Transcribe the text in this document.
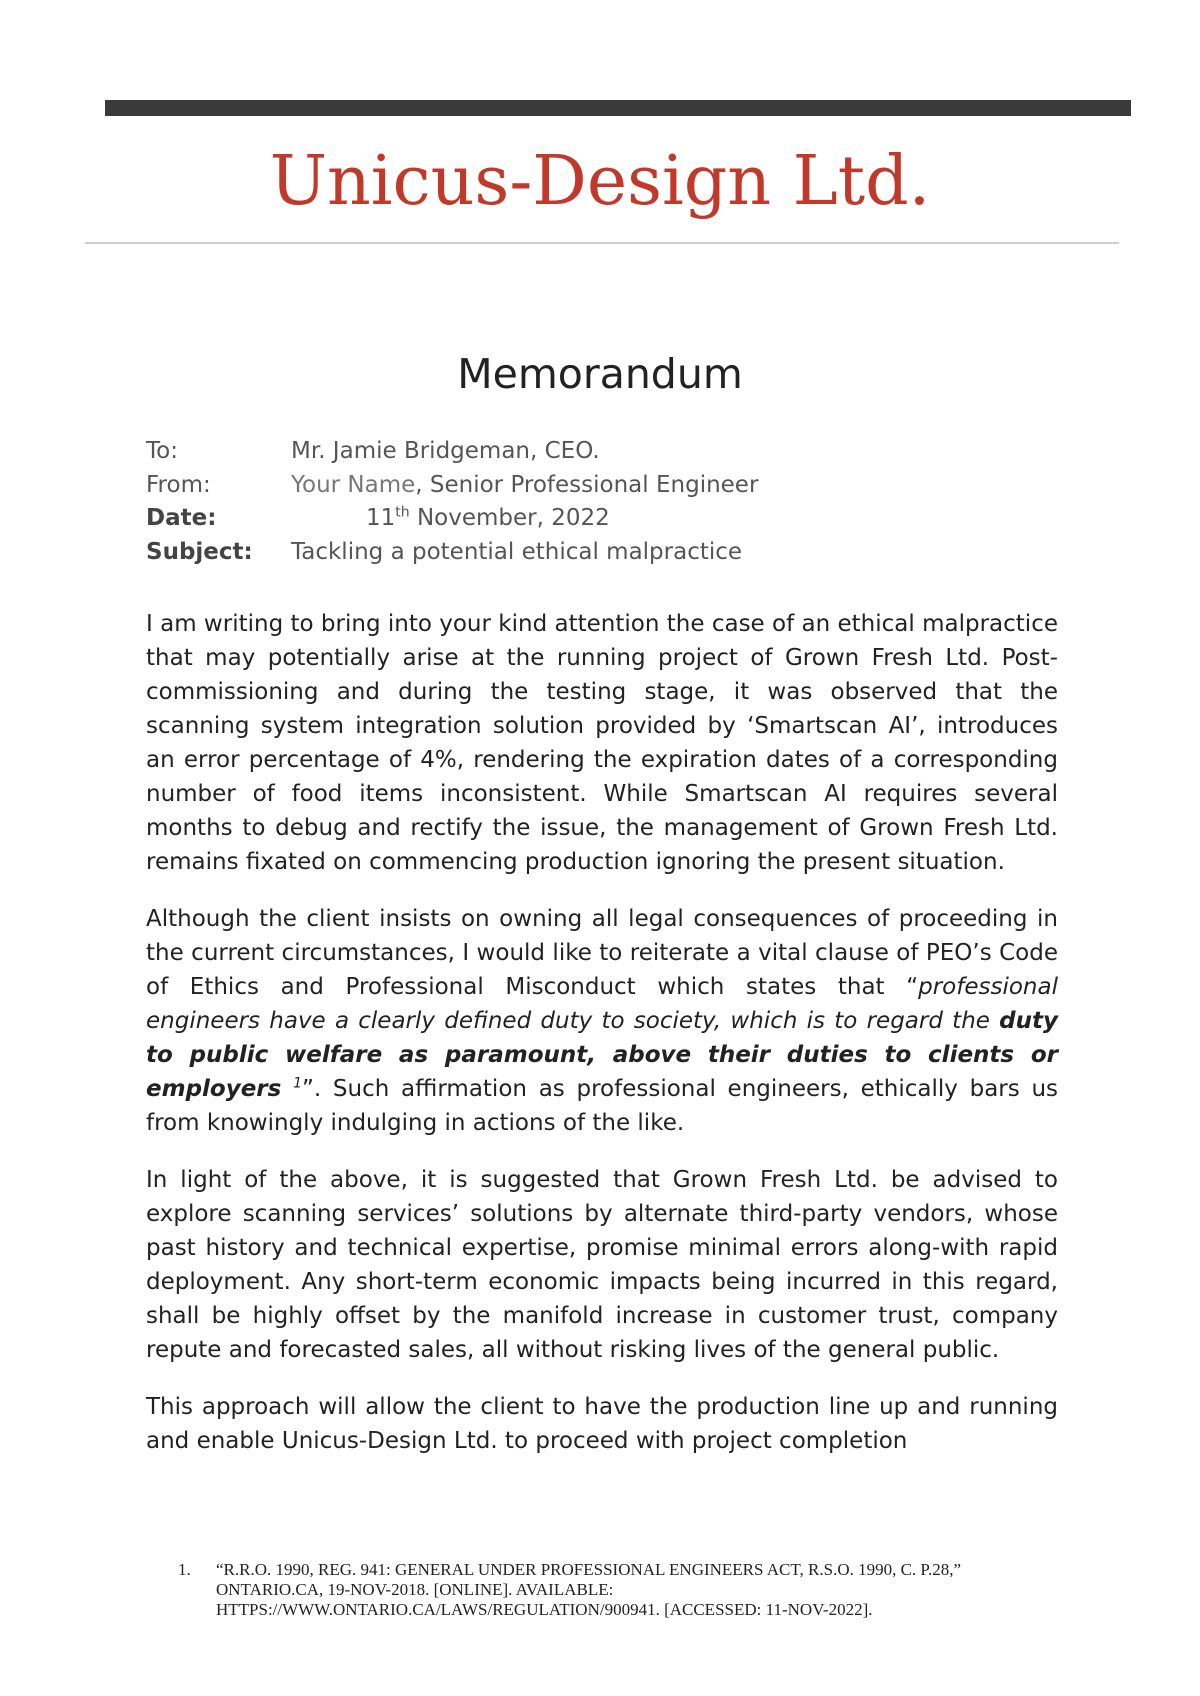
Unicus-Design Ltd.
Memorandum
To:	Mr. Jamie Bridgeman, CEO.
From:	Your Name, Senior Professional Engineer
Date:	11th November, 2022
Subject: Tackling a potential ethical malpractice

I am writing to bring into your kind attention the case of an ethical malpractice that may potentially arise at the running project of Grown Fresh Ltd. Post-commissioning and during the testing stage, it was observed that the scanning system integration solution provided by ‘Smartscan AI’, introduces an error percentage of 4%, rendering the expiration dates of a corresponding number of food items inconsistent. While Smartscan AI requires several months to debug and rectify the issue, the management of Grown Fresh Ltd. remains fixated on commencing production ignoring the present situation.

Although the client insists on owning all legal consequences of proceeding in the current circumstances, I would like to reiterate a vital clause of PEO’s Code of Ethics and Professional Misconduct which states that “professional engineers have a clearly defined duty to society, which is to regard the duty to public welfare as paramount, above their duties to clients or employers $^1$”. Such affirmation as professional engineers, ethically bars us from knowingly indulging in actions of the like.

In light of the above, it is suggested that Grown Fresh Ltd. be advised to explore scanning services’ solutions by alternate third-party vendors, whose past history and technical expertise, promise minimal errors along-with rapid deployment. Any short-term economic impacts being incurred in this regard, shall be highly offset by the manifold increase in customer trust, company repute and forecasted sales, all without risking lives of the general public.

This approach will allow the client to have the production line up and running and enable Unicus-Design Ltd. to proceed with project completion

1. “R.R.O. 1990, REG. 941: GENERAL UNDER PROFESSIONAL ENGINEERS ACT, R.S.O. 1990, C. P.28,” ONTARIO.CA, 19-NOV-2018. [ONLINE]. AVAILABLE: HTTPS://WWW.ONTARIO.CA/LAWS/REGULATION/900941. [ACCESSED: 11-NOV-2022].
